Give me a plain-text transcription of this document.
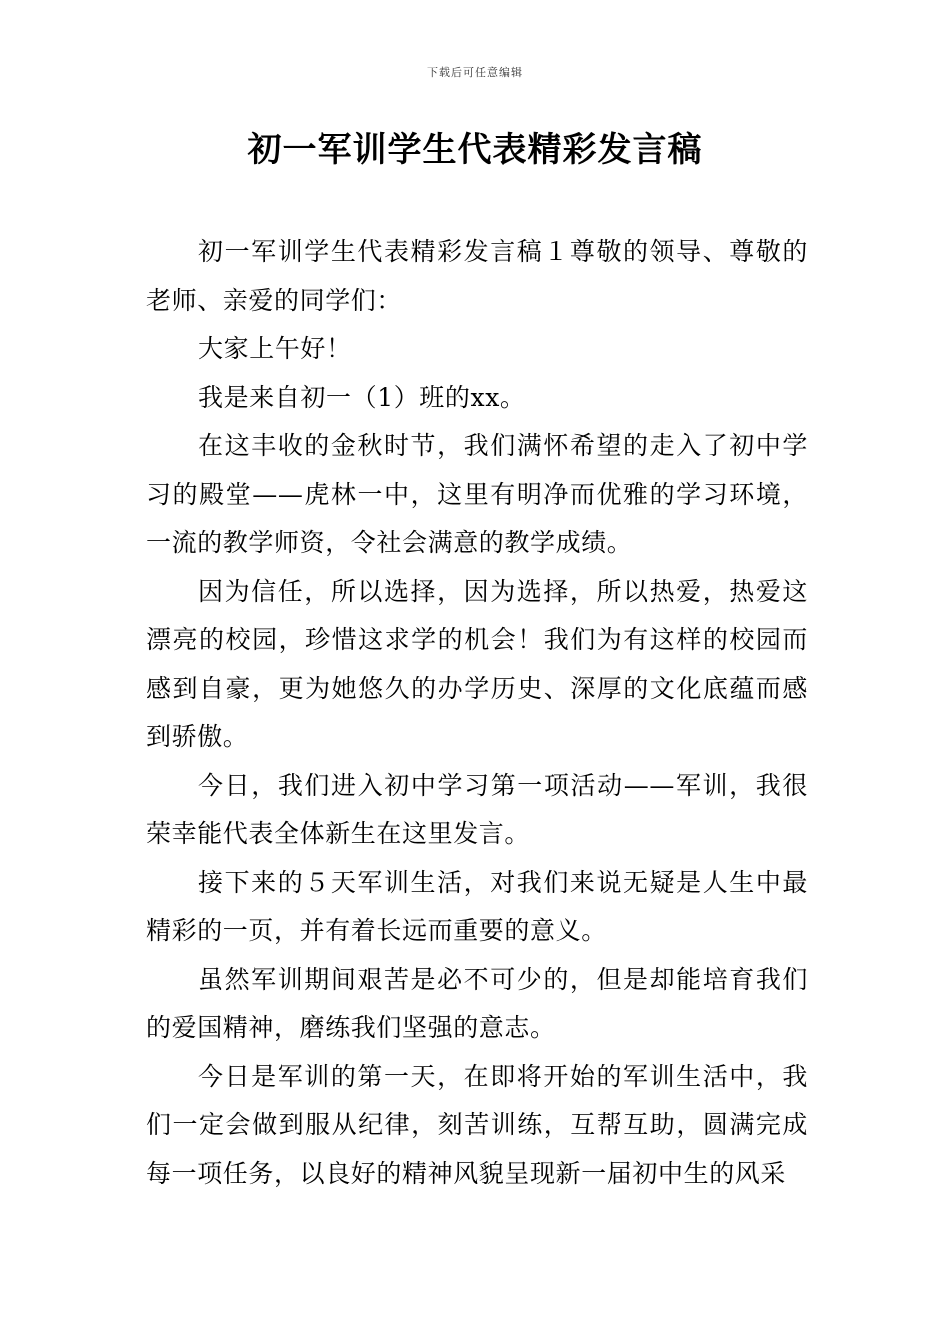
下载后可任意编辑
初一军训学生代表精彩发言稿

初一军训学生代表精彩发言稿１尊敬的领导、尊敬的老师、亲爱的同学们：

大家上午好！

我是来自初一（1）班的xx。

在这丰收的金秋时节，我们满怀希望的走入了初中学习的殿堂——虎林一中，这里有明净而优雅的学习环境，一流的教学师资，令社会满意的教学成绩。

因为信任，所以选择，因为选择，所以热爱，热爱这漂亮的校园，珍惜这求学的机会！我们为有这样的校园而感到自豪，更为她悠久的办学历史、深厚的文化底蕴而感到骄傲。

今日，我们进入初中学习第一项活动——军训，我很荣幸能代表全体新生在这里发言。

接下来的５天军训生活，对我们来说无疑是人生中最精彩的一页，并有着长远而重要的意义。

虽然军训期间艰苦是必不可少的，但是却能培育我们的爱国精神，磨练我们坚强的意志。

今日是军训的第一天，在即将开始的军训生活中，我们一定会做到服从纪律，刻苦训练，互帮互助，圆满完成每一项任务，以良好的精神风貌呈现新一届初中生的风采
